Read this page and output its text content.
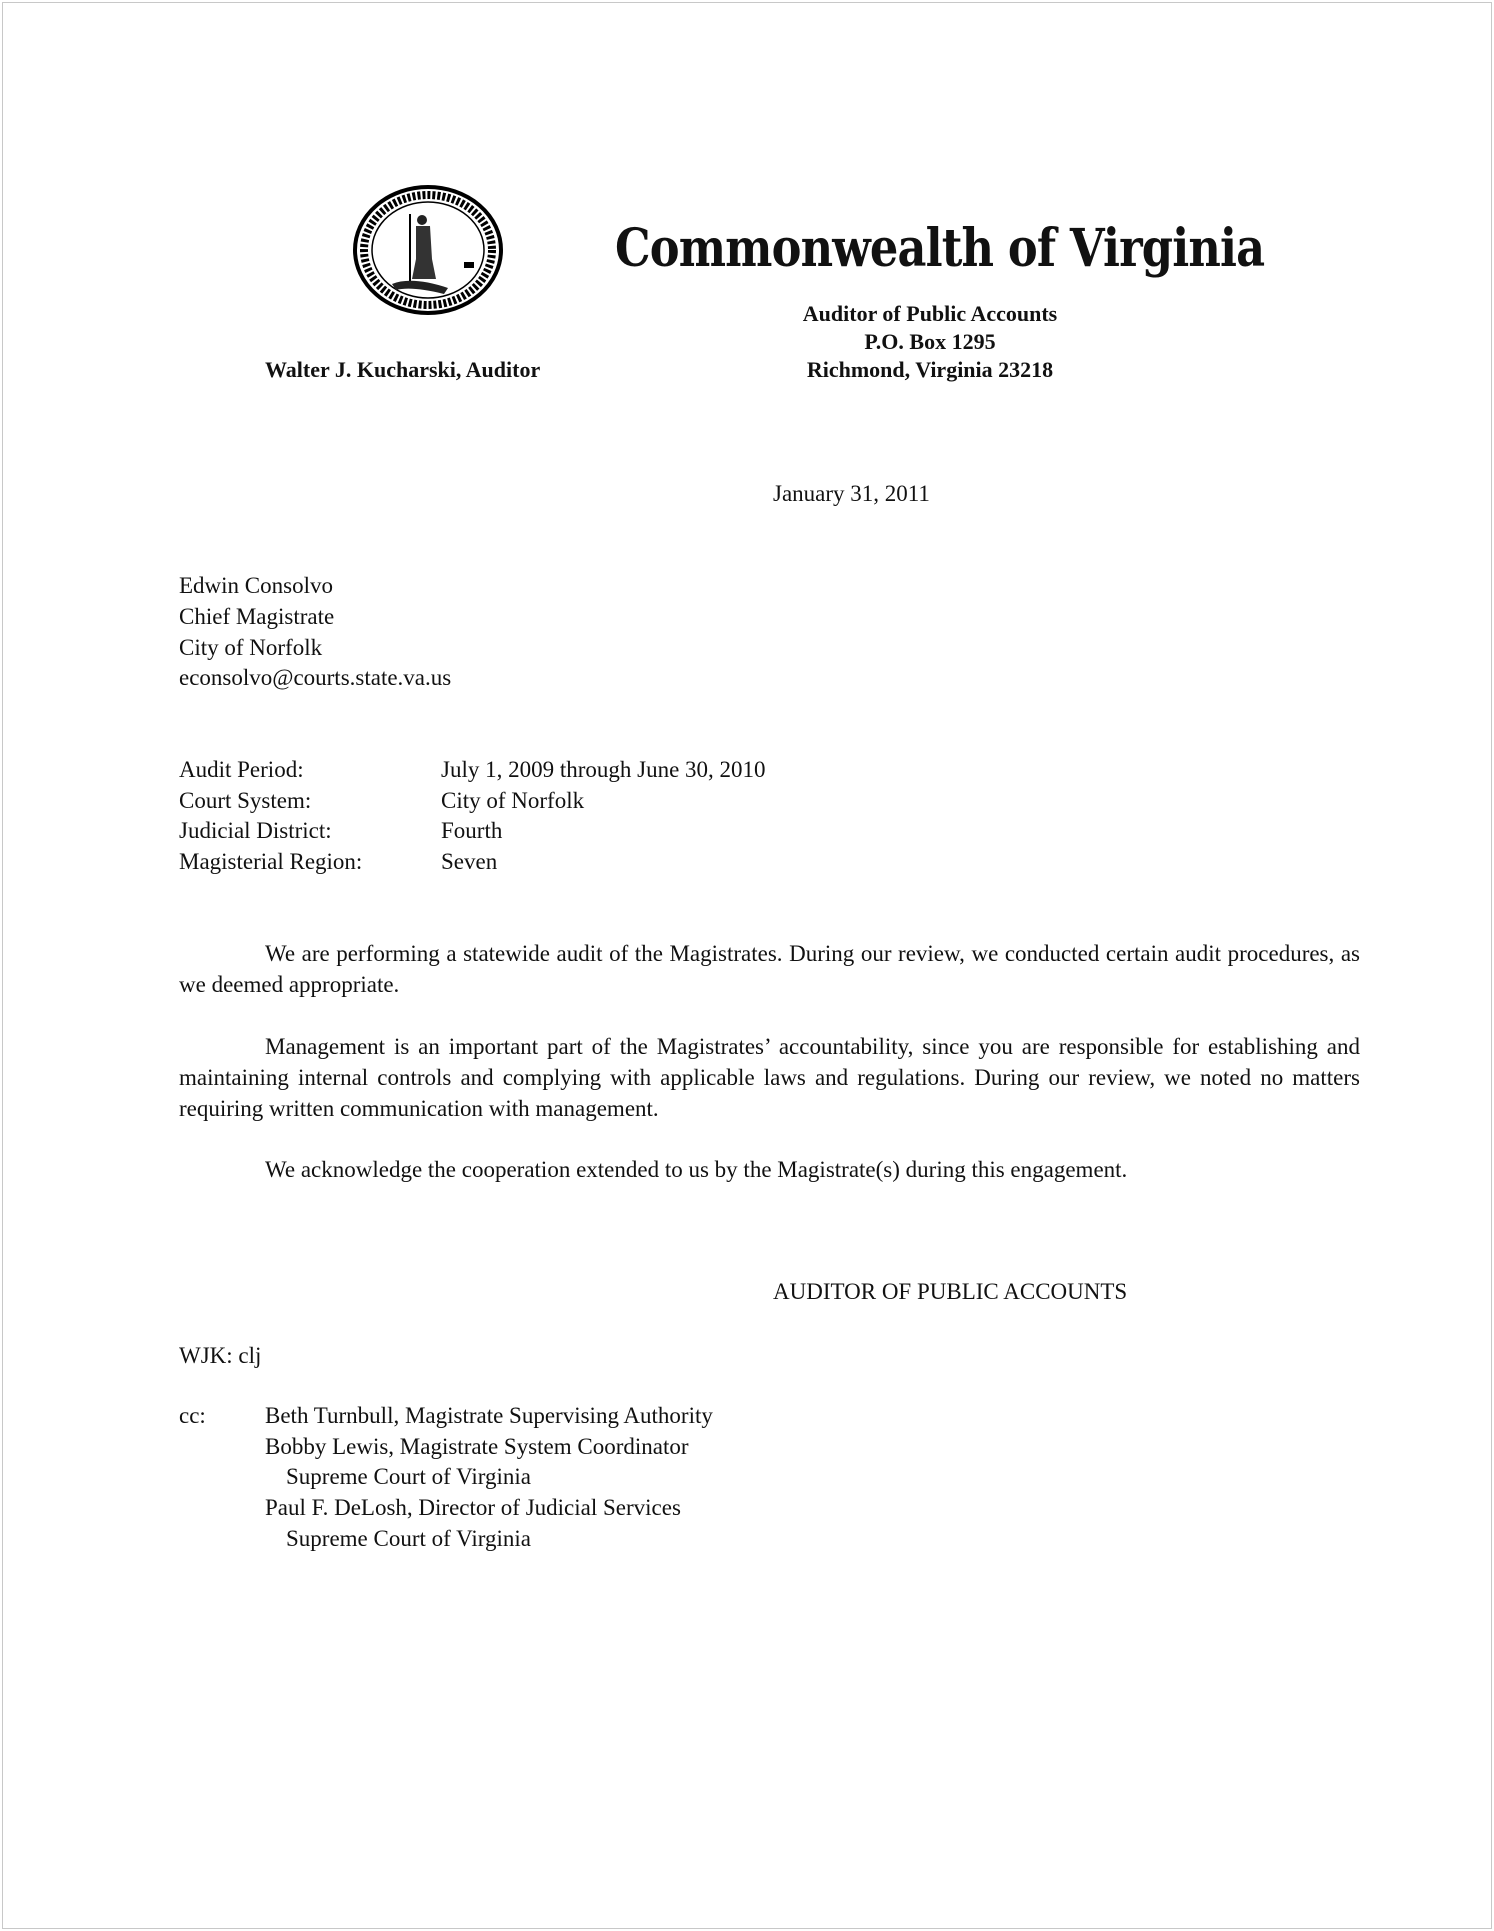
Commonwealth of Virginia
Auditor of Public Accounts
P.O. Box 1295
Richmond, Virginia 23218
Walter J. Kucharski, Auditor
January 31, 2011
Edwin Consolvo
Chief Magistrate
City of Norfolk
econsolvo@courts.state.va.us
Audit Period:	July 1, 2009 through June 30, 2010
Court System:	City of Norfolk
Judicial District:	Fourth
Magisterial Region:	Seven
We are performing a statewide audit of the Magistrates. During our review, we conducted certain audit procedures, as we deemed appropriate.
Management is an important part of the Magistrates’ accountability, since you are responsible for establishing and maintaining internal controls and complying with applicable laws and regulations. During our review, we noted no matters requiring written communication with management.
We acknowledge the cooperation extended to us by the Magistrate(s) during this engagement.
AUDITOR OF PUBLIC ACCOUNTS
WJK: clj
cc:	Beth Turnbull, Magistrate Supervising Authority
Bobby Lewis, Magistrate System Coordinator
Supreme Court of Virginia
Paul F. DeLosh, Director of Judicial Services
Supreme Court of Virginia
